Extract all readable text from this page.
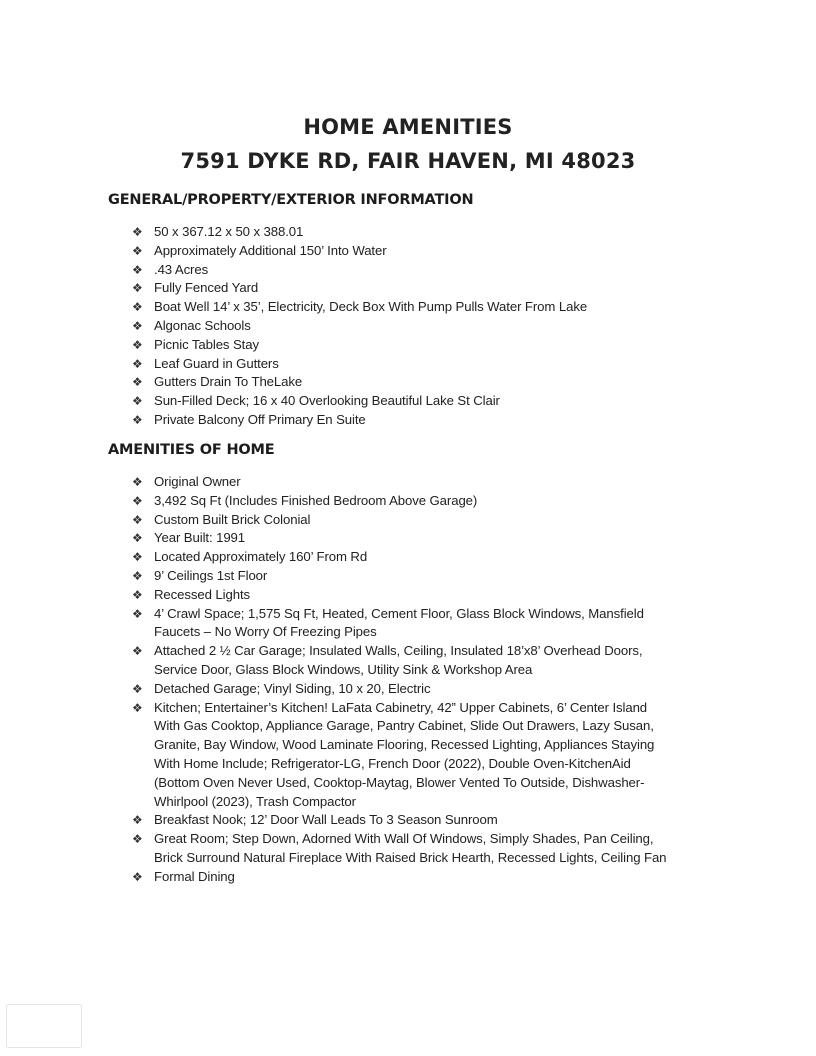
HOME AMENITIES
7591 DYKE RD, FAIR HAVEN, MI 48023
GENERAL/PROPERTY/EXTERIOR INFORMATION
❖ 50 x 367.12 x 50 x 388.01
❖ Approximately Additional 150’ Into Water
❖ .43 Acres
❖ Fully Fenced Yard
❖ Boat Well 14’ x 35’, Electricity, Deck Box With Pump Pulls Water From Lake
❖ Algonac Schools
❖ Picnic Tables Stay
❖ Leaf Guard in Gutters
❖ Gutters Drain To TheLake
❖ Sun-Filled Deck; 16 x 40 Overlooking Beautiful Lake St Clair
❖ Private Balcony Off Primary En Suite
AMENITIES OF HOME
❖ Original Owner
❖ 3,492 Sq Ft (Includes Finished Bedroom Above Garage)
❖ Custom Built Brick Colonial
❖ Year Built: 1991
❖ Located Approximately 160’ From Rd
❖ 9’ Ceilings 1st Floor
❖ Recessed Lights
❖ 4’ Crawl Space; 1,575 Sq Ft, Heated, Cement Floor, Glass Block Windows, Mansfield
Faucets – No Worry Of Freezing Pipes
❖ Attached 2 ½ Car Garage; Insulated Walls, Ceiling, Insulated 18’x8’ Overhead Doors,
Service Door, Glass Block Windows, Utility Sink & Workshop Area
❖ Detached Garage; Vinyl Siding, 10 x 20, Electric
❖ Kitchen; Entertainer’s Kitchen! LaFata Cabinetry, 42” Upper Cabinets, 6’ Center Island
With Gas Cooktop, Appliance Garage, Pantry Cabinet, Slide Out Drawers, Lazy Susan,
Granite, Bay Window, Wood Laminate Flooring, Recessed Lighting, Appliances Staying
With Home Include; Refrigerator-LG, French Door (2022), Double Oven-KitchenAid
(Bottom Oven Never Used, Cooktop-Maytag, Blower Vented To Outside, Dishwasher-
Whirlpool (2023), Trash Compactor
❖ Breakfast Nook; 12’ Door Wall Leads To 3 Season Sunroom
❖ Great Room; Step Down, Adorned With Wall Of Windows, Simply Shades, Pan Ceiling,
Brick Surround Natural Fireplace With Raised Brick Hearth, Recessed Lights, Ceiling Fan
❖ Formal Dining
